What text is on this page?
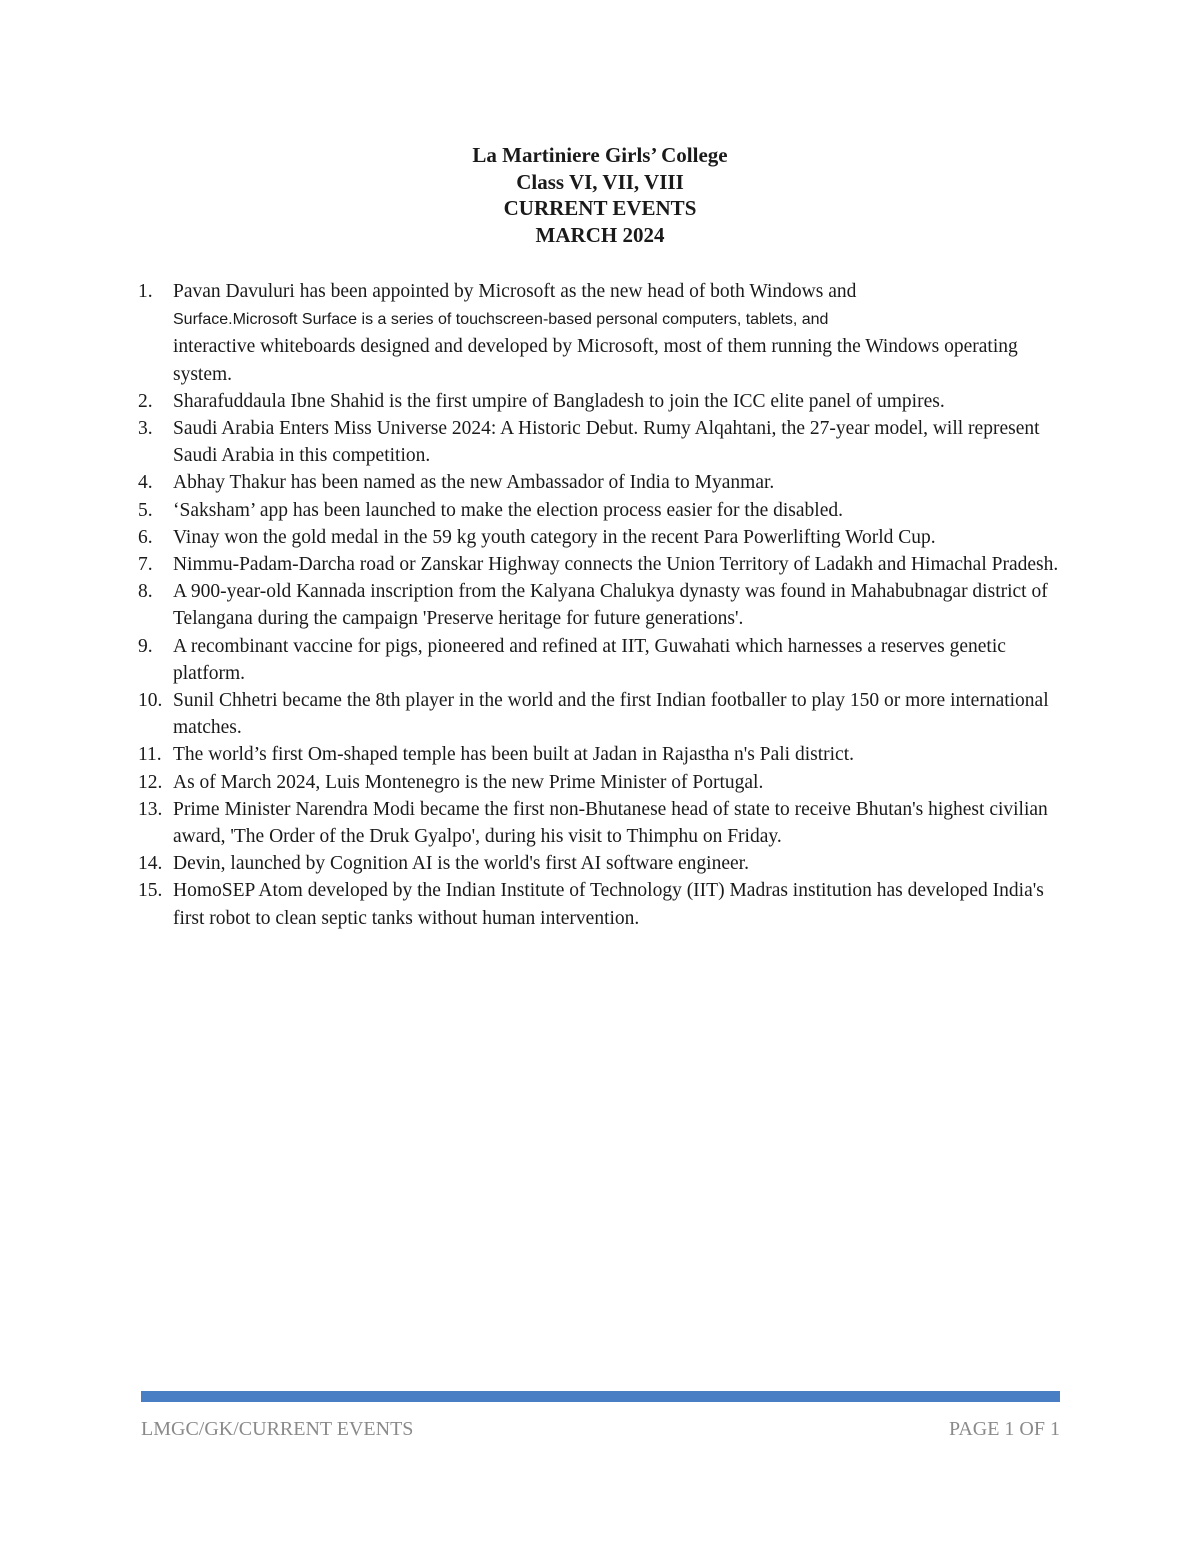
La Martiniere Girls’ College
Class VI, VII, VIII
CURRENT EVENTS
MARCH 2024
1. Pavan Davuluri has been appointed by Microsoft as the new head of both Windows and
Surface.Microsoft Surface is a series of touchscreen-based personal computers, tablets, and
interactive whiteboards designed and developed by Microsoft, most of them running the Windows operating system.
2. Sharafuddaula Ibne Shahid is the first umpire of Bangladesh to join the ICC elite panel of umpires.
3. Saudi Arabia Enters Miss Universe 2024: A Historic Debut. Rumy Alqahtani, the 27-year model, will represent Saudi Arabia in this competition.
4. Abhay Thakur has been named as the new Ambassador of India to Myanmar.
5. ‘Saksham’ app has been launched to make the election process easier for the disabled.
6. Vinay won the gold medal in the 59 kg youth category in the recent Para Powerlifting World Cup.
7. Nimmu-Padam-Darcha road or Zanskar Highway connects the Union Territory of Ladakh and Himachal Pradesh.
8. A 900-year-old Kannada inscription from the Kalyana Chalukya dynasty was found in Mahabubnagar district of Telangana during the campaign 'Preserve heritage for future generations'.
9. A recombinant vaccine for pigs, pioneered and refined at IIT, Guwahati which harnesses a reserves genetic platform.
10. Sunil Chhetri became the 8th player in the world and the first Indian footballer to play 150 or more international matches.
11. The world’s first Om-shaped temple has been built at Jadan in Rajastha n's Pali district.
12. As of March 2024, Luis Montenegro is the new Prime Minister of Portugal.
13. Prime Minister Narendra Modi became the first non-Bhutanese head of state to receive Bhutan's highest civilian award, 'The Order of the Druk Gyalpo', during his visit to Thimphu on Friday.
14. Devin, launched by Cognition AI is the world's first AI software engineer.
15. HomoSEP Atom developed by the Indian Institute of Technology (IIT) Madras institution has developed India's first robot to clean septic tanks without human intervention.
LMGC/GK/CURRENT EVENTS	PAGE 1 OF 1
